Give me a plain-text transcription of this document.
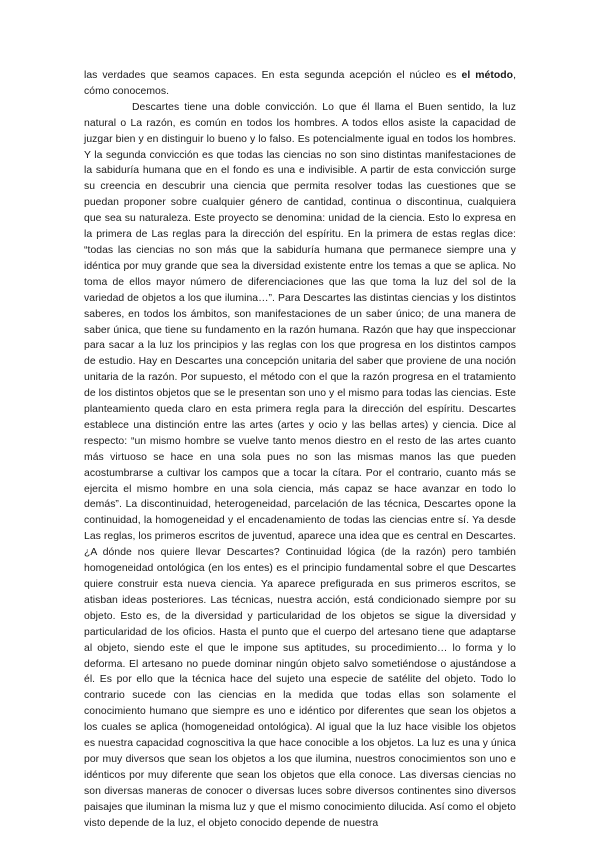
las verdades que seamos capaces. En esta segunda acepción el núcleo es el método, cómo conocemos.

Descartes tiene una doble convicción. Lo que él llama el Buen sentido, la luz natural o La razón, es común en todos los hombres. A todos ellos asiste la capacidad de juzgar bien y en distinguir lo bueno y lo falso. Es potencialmente igual en todos los hombres. Y la segunda convicción es que todas las ciencias no son sino distintas manifestaciones de la sabiduría humana que en el fondo es una e indivisible. A partir de esta convicción surge su creencia en descubrir una ciencia que permita resolver todas las cuestiones que se puedan proponer sobre cualquier género de cantidad, continua o discontinua, cualquiera que sea su naturaleza. Este proyecto se denomina: unidad de la ciencia. Esto lo expresa en la primera de Las reglas para la dirección del espíritu. En la primera de estas reglas dice: “todas las ciencias no son más que la sabiduría humana que permanece siempre una y idéntica por muy grande que sea la diversidad existente entre los temas a que se aplica. No toma de ellos mayor número de diferenciaciones que las que toma la luz del sol de la variedad de objetos a los que ilumina…”. Para Descartes las distintas ciencias y los distintos saberes, en todos los ámbitos, son manifestaciones de un saber único; de una manera de saber única, que tiene su fundamento en la razón humana. Razón que hay que inspeccionar para sacar a la luz los principios y las reglas con los que progresa en los distintos campos de estudio. Hay en Descartes una concepción unitaria del saber que proviene de una noción unitaria de la razón. Por supuesto, el método con el que la razón progresa en el tratamiento de los distintos objetos que se le presentan son uno y el mismo para todas las ciencias. Este planteamiento queda claro en esta primera regla para la dirección del espíritu. Descartes establece una distinción entre las artes (artes y ocio y las bellas artes) y ciencia. Dice al respecto: “un mismo hombre se vuelve tanto menos diestro en el resto de las artes cuanto más virtuoso se hace en una sola pues no son las mismas manos las que pueden acostumbrarse a cultivar los campos que a tocar la cítara. Por el contrario, cuanto más se ejercita el mismo hombre en una sola ciencia, más capaz se hace avanzar en todo lo demás”. La discontinuidad, heterogeneidad, parcelación de las técnica, Descartes opone la continuidad, la homogeneidad y el encadenamiento de todas las ciencias entre sí. Ya desde Las reglas, los primeros escritos de juventud, aparece una idea que es central en Descartes. ¿A dónde nos quiere llevar Descartes? Continuidad lógica (de la razón) pero también homogeneidad ontológica (en los entes) es el principio fundamental sobre el que Descartes quiere construir esta nueva ciencia. Ya aparece prefigurada en sus primeros escritos, se atisban ideas posteriores. Las técnicas, nuestra acción, está condicionado siempre por su objeto. Esto es, de la diversidad y particularidad de los objetos se sigue la diversidad y particularidad de los oficios. Hasta el punto que el cuerpo del artesano tiene que adaptarse al objeto, siendo este el que le impone sus aptitudes, su procedimiento… lo forma y lo deforma. El artesano no puede dominar ningún objeto salvo sometiéndose o ajustándose a él. Es por ello que la técnica hace del sujeto una especie de satélite del objeto. Todo lo contrario sucede con las ciencias en la medida que todas ellas son solamente el conocimiento humano que siempre es uno e idéntico por diferentes que sean los objetos a los cuales se aplica (homogeneidad ontológica). Al igual que la luz hace visible los objetos es nuestra capacidad cognoscitiva la que hace conocible a los objetos. La luz es una y única por muy diversos que sean los objetos a los que ilumina, nuestros conocimientos son uno e idénticos por muy diferente que sean los objetos que ella conoce. Las diversas ciencias no son diversas maneras de conocer o diversas luces sobre diversos continentes sino diversos paisajes que iluminan la misma luz y que el mismo conocimiento dilucida. Así como el objeto visto depende de la luz, el objeto conocido depende de nuestra
